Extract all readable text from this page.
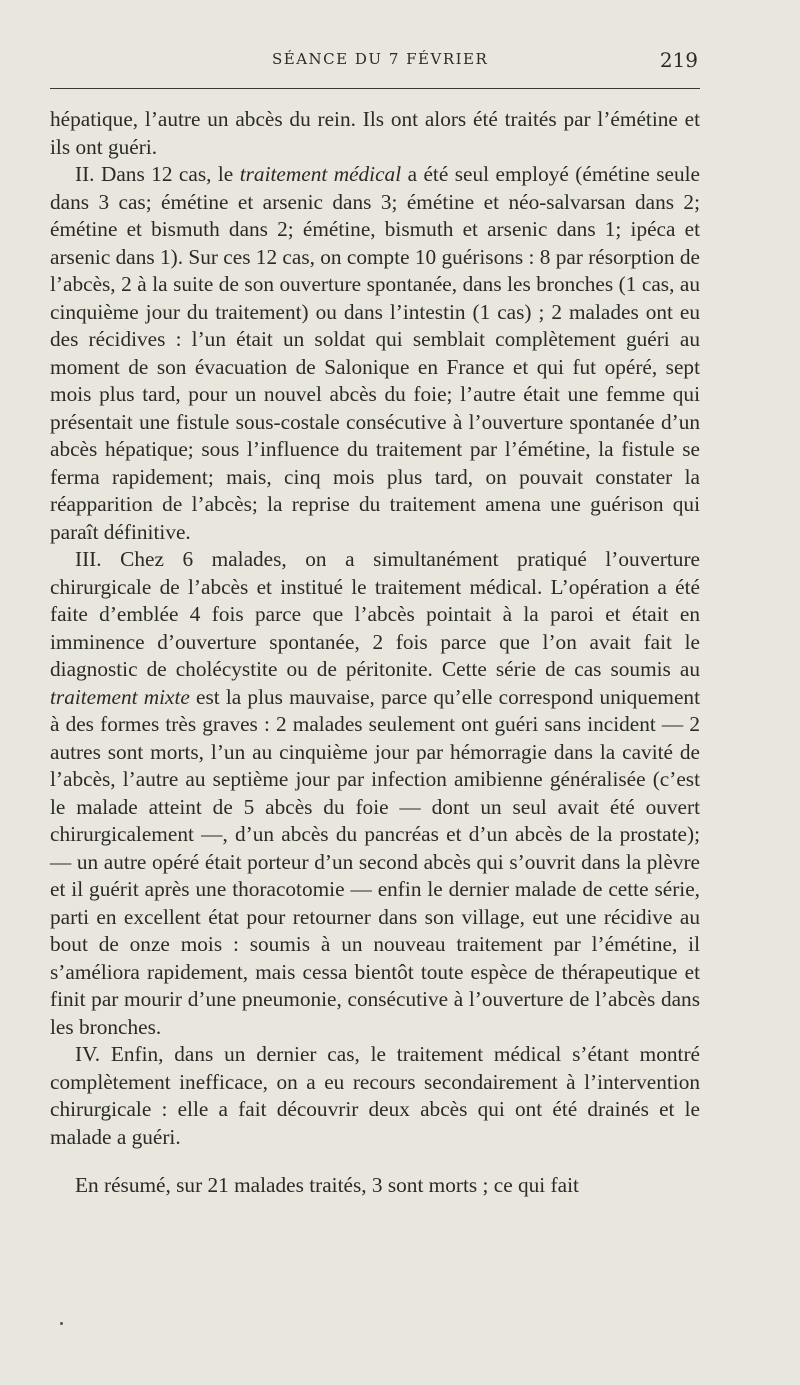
SÉANCE DU 7 FÉVRIER	219

hépatique, l’autre un abcès du rein. Ils ont alors été traités par l’émétine et ils ont guéri.

II. Dans 12 cas, le traitement médical a été seul employé (émétine seule dans 3 cas; émétine et arsenic dans 3; émétine et néo-salvarsan dans 2; émétine et bismuth dans 2; émétine, bismuth et arsenic dans 1; ipéca et arsenic dans 1). Sur ces 12 cas, on compte 10 guérisons : 8 par résorption de l’abcès, 2 à la suite de son ouverture spontanée, dans les bronches (1 cas, au cinquième jour du traitement) ou dans l’intestin (1 cas) ; 2 malades ont eu des récidives : l’un était un soldat qui semblait complètement guéri au moment de son évacuation de Salonique en France et qui fut opéré, sept mois plus tard, pour un nouvel abcès du foie; l’autre était une femme qui présentait une fistule sous-costale consécutive à l’ouverture spontanée d’un abcès hépatique; sous l’influence du traitement par l’émétine, la fistule se ferma rapidement; mais, cinq mois plus tard, on pouvait constater la réapparition de l’abcès; la reprise du traitement amena une guérison qui paraît définitive.

III. Chez 6 malades, on a simultanément pratiqué l’ouverture chirurgicale de l’abcès et institué le traitement médical. L’opération a été faite d’emblée 4 fois parce que l’abcès pointait à la paroi et était en imminence d’ouverture spontanée, 2 fois parce que l’on avait fait le diagnostic de cholécystite ou de péritonite. Cette série de cas soumis au traitement mixte est la plus mauvaise, parce qu’elle correspond uniquement à des formes très graves : 2 malades seulement ont guéri sans incident — 2 autres sont morts, l’un au cinquième jour par hémorragie dans la cavité de l’abcès, l’autre au septième jour par infection amibienne généralisée (c’est le malade atteint de 5 abcès du foie — dont un seul avait été ouvert chirurgicalement —, d’un abcès du pancréas et d’un abcès de la prostate); — un autre opéré était porteur d’un second abcès qui s’ouvrit dans la plèvre et il guérit après une thoracotomie — enfin le dernier malade de cette série, parti en excellent état pour retourner dans son village, eut une récidive au bout de onze mois : soumis à un nouveau traitement par l’émétine, il s’améliora rapidement, mais cessa bientôt toute espèce de thérapeutique et finit par mourir d’une pneumonie, consécutive à l’ouverture de l’abcès dans les bronches.

IV. Enfin, dans un dernier cas, le traitement médical s’étant montré complètement inefficace, on a eu recours secondairement à l’intervention chirurgicale : elle a fait découvrir deux abcès qui ont été drainés et le malade a guéri.

En résumé, sur 21 malades traités, 3 sont morts ; ce qui fait
